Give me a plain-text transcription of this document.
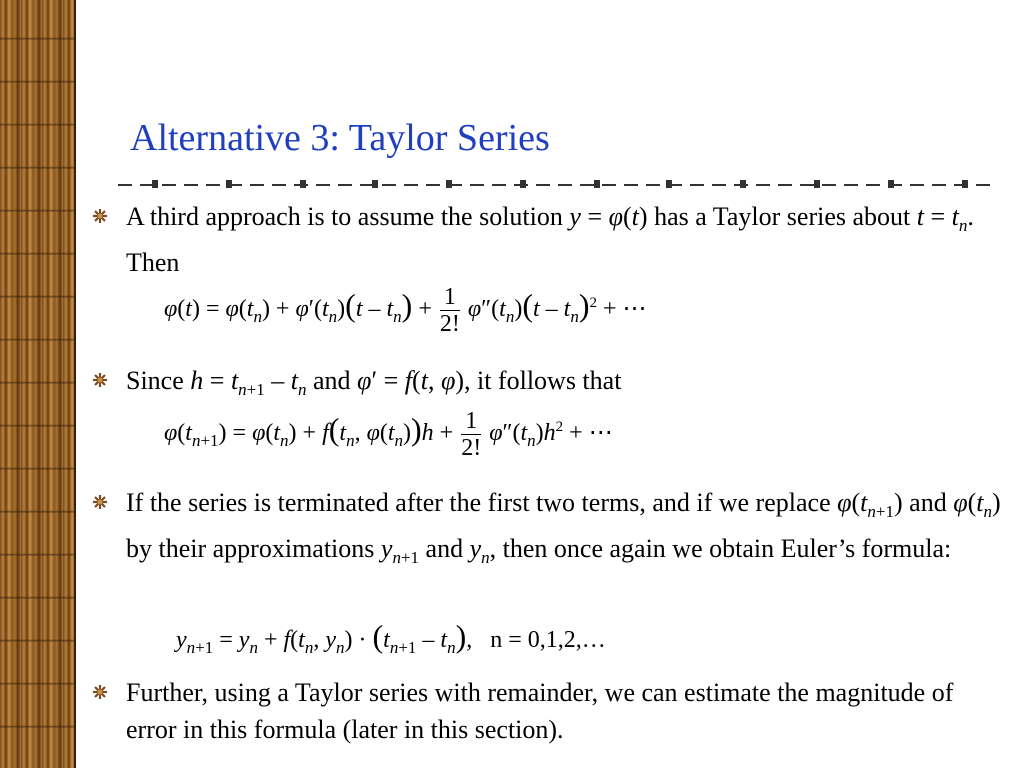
Alternative 3: Taylor Series
A third approach is to assume the solution y = φ(t) has a Taylor series about $t = t_n$.  Then
$\varphi(t) = \varphi(t_n) + \varphi'(t_n)(t - t_n) + \frac{1}{2!} \varphi''(t_n)(t - t_n)^2$ + ⋯
Since $h = t_{n+1} - t_n$ and φ′ = f(t, φ), it follows that
$\varphi(t_{n+1}) = \varphi(t_n) + f(t_n$, $\varphi(t_n))h + \frac{1}{2!} \varphi''(t_n)h^2$ + ⋯
If the series is terminated after the first two terms, and if we replace $\varphi(t_{n+1})$ and $\varphi(t_n)$ by their approximations $y_{n+1}$ and $y_n$, then once again we obtain Euler’s formula:
$y_{n+1} = y_n + f(t_n$, $y_n) \cdot (t_{n+1} - t_n)$,   n = 0,1,2,…
Further, using a Taylor series with remainder, we can estimate the magnitude of error in this formula (later in this section).
